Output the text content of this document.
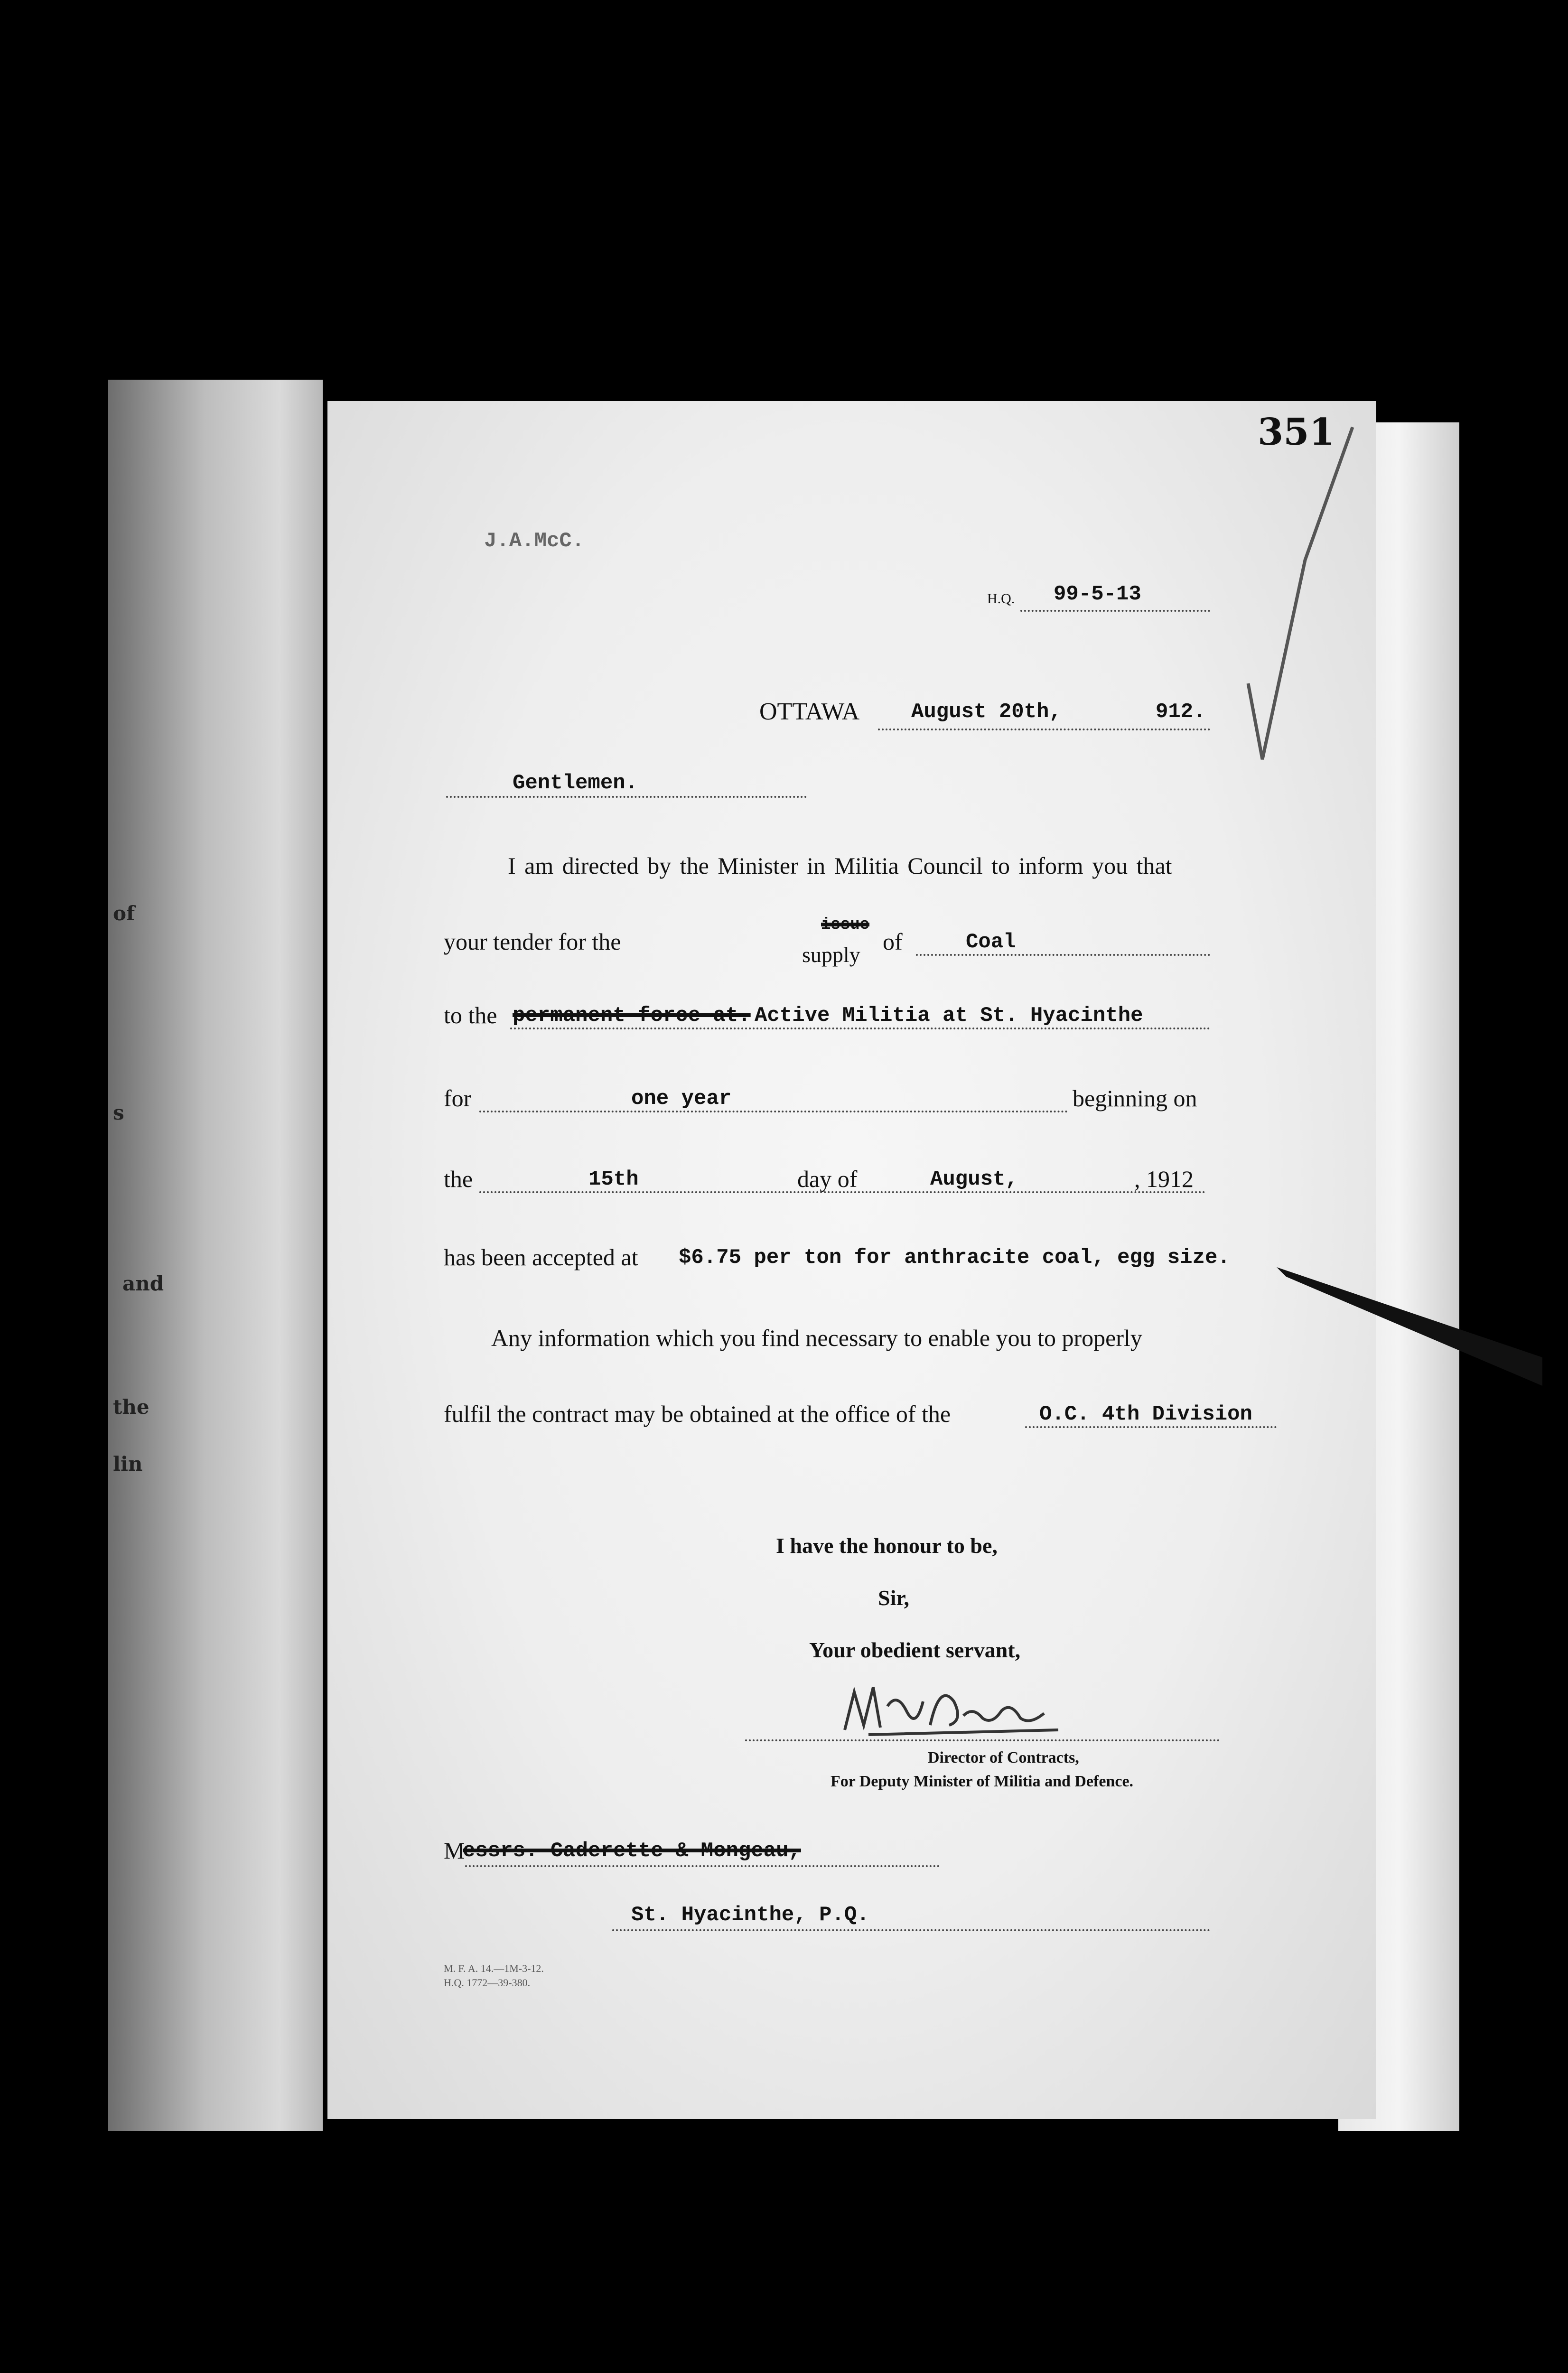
of
s
and
the
lin
351
J.A.McC.
H.Q. 99-5-13
OTTAWA August 20th,	912.
Gentlemen.
I am directed by the Minister in Militia Council to inform you that
your tender for the
issue
supply of	Coal
to the permanent force at. Active Militia at St. Hyacinthe
for	one year	beginning on
the	15th	day of	August,	, 1912
has been accepted at $6.75 per ton for anthracite coal, egg size.
Any information which you find necessary to enable you to properly
fulfil the contract may be obtained at the office of the	O.C. 4th Division
I have the honour to be,
Sir,
Your obedient servant,
Director of Contracts,
For Deputy Minister of Militia and Defence.
M
essrs. Caderette & Mongeau,
St. Hyacinthe, P.Q.
M. F. A. 14.—1M-3-12.
H.Q. 1772—39-380.
